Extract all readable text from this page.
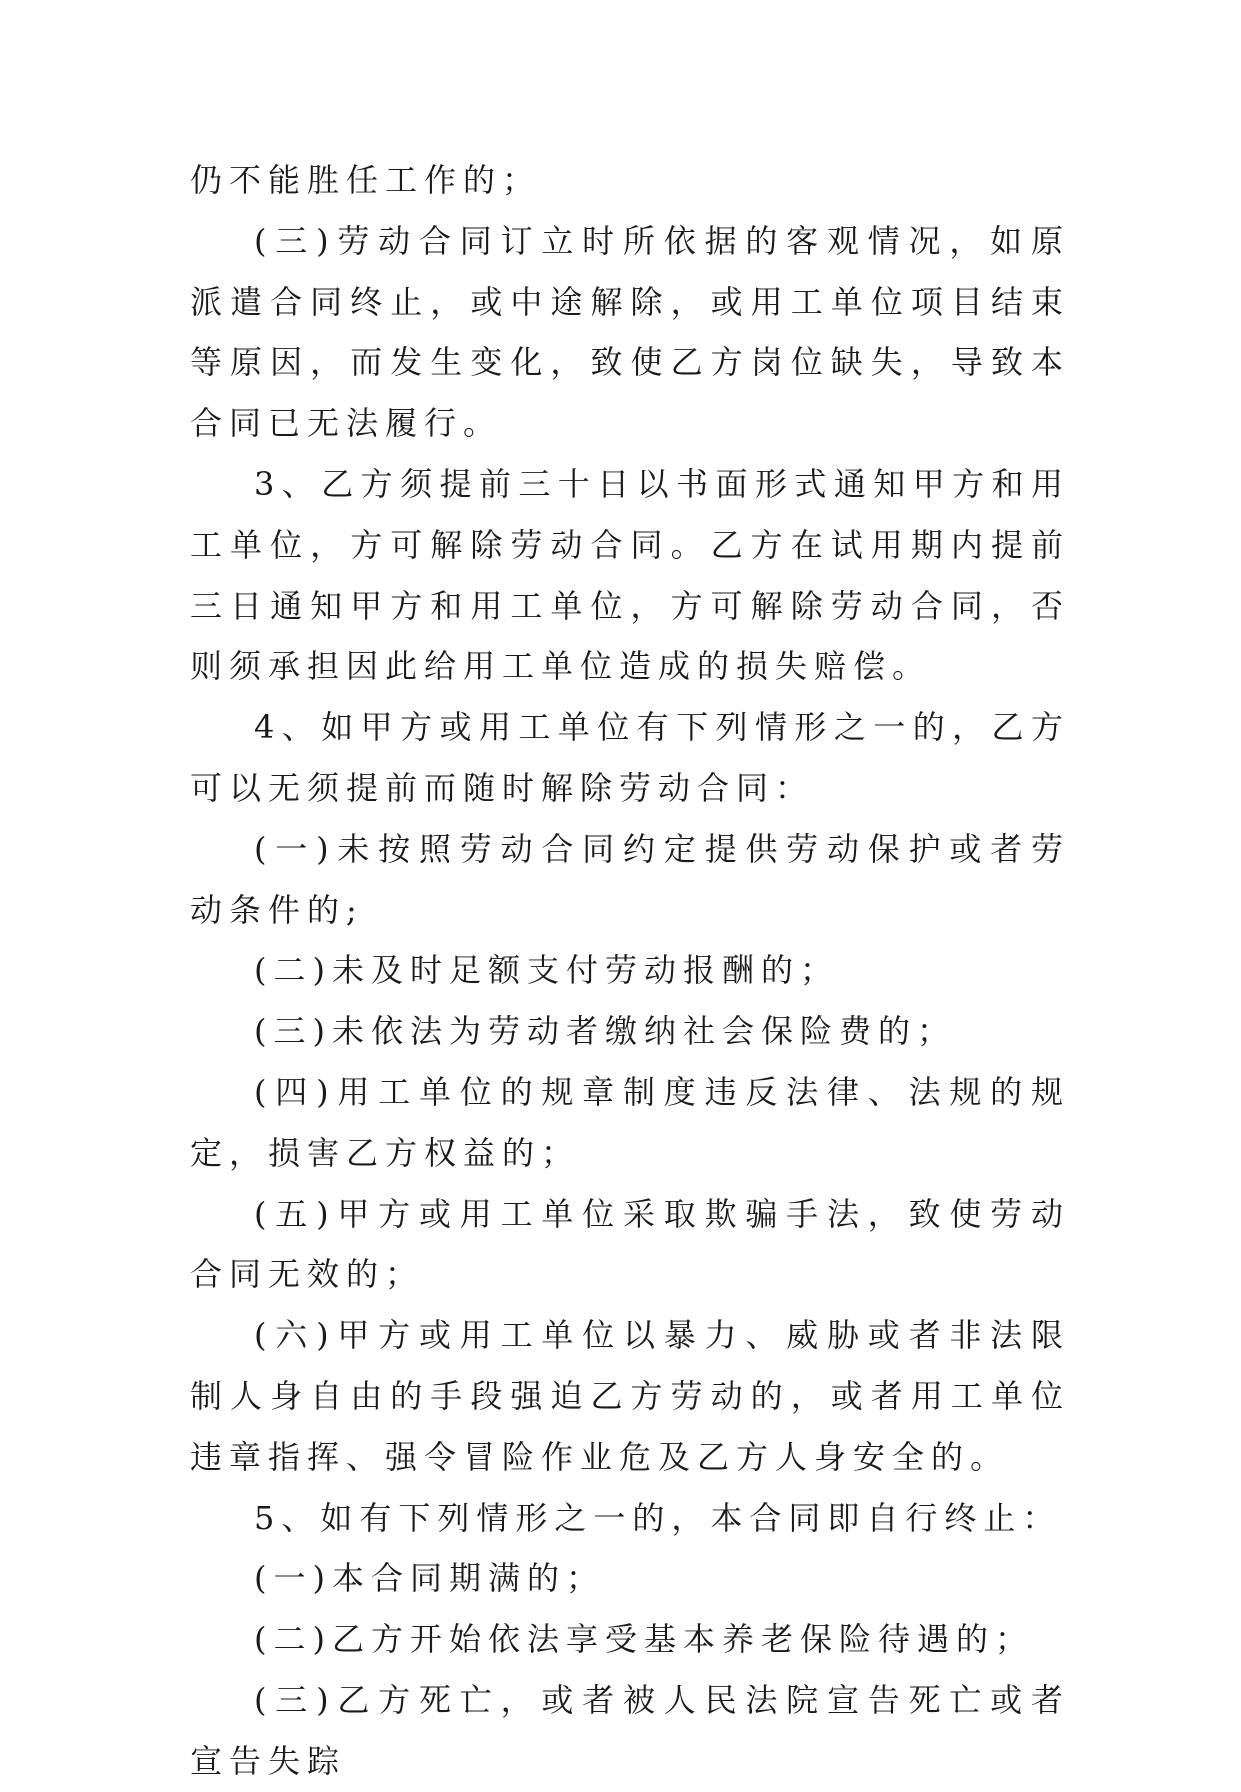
仍不能胜任工作的；

(三)劳动合同订立时所依据的客观情况，如原派遣合同终止，或中途解除，或用工单位项目结束等原因，而发生变化，致使乙方岗位缺失，导致本合同已无法履行。

3、乙方须提前三十日以书面形式通知甲方和用工单位，方可解除劳动合同。乙方在试用期内提前三日通知甲方和用工单位，方可解除劳动合同，否则须承担因此给用工单位造成的损失赔偿。

4、如甲方或用工单位有下列情形之一的，乙方可以无须提前而随时解除劳动合同：

(一)未按照劳动合同约定提供劳动保护或者劳动条件的;

(二)未及时足额支付劳动报酬的；

(三)未依法为劳动者缴纳社会保险费的；

(四)用工单位的规章制度违反法律、法规的规定，损害乙方权益的；

(五)甲方或用工单位采取欺骗手法，致使劳动合同无效的；

(六)甲方或用工单位以暴力、威胁或者非法限制人身自由的手段强迫乙方劳动的，或者用工单位违章指挥、强令冒险作业危及乙方人身安全的。

5、如有下列情形之一的，本合同即自行终止：

(一)本合同期满的；

(二)乙方开始依法享受基本养老保险待遇的；

(三)乙方死亡，或者被人民法院宣告死亡或者宣告失踪
